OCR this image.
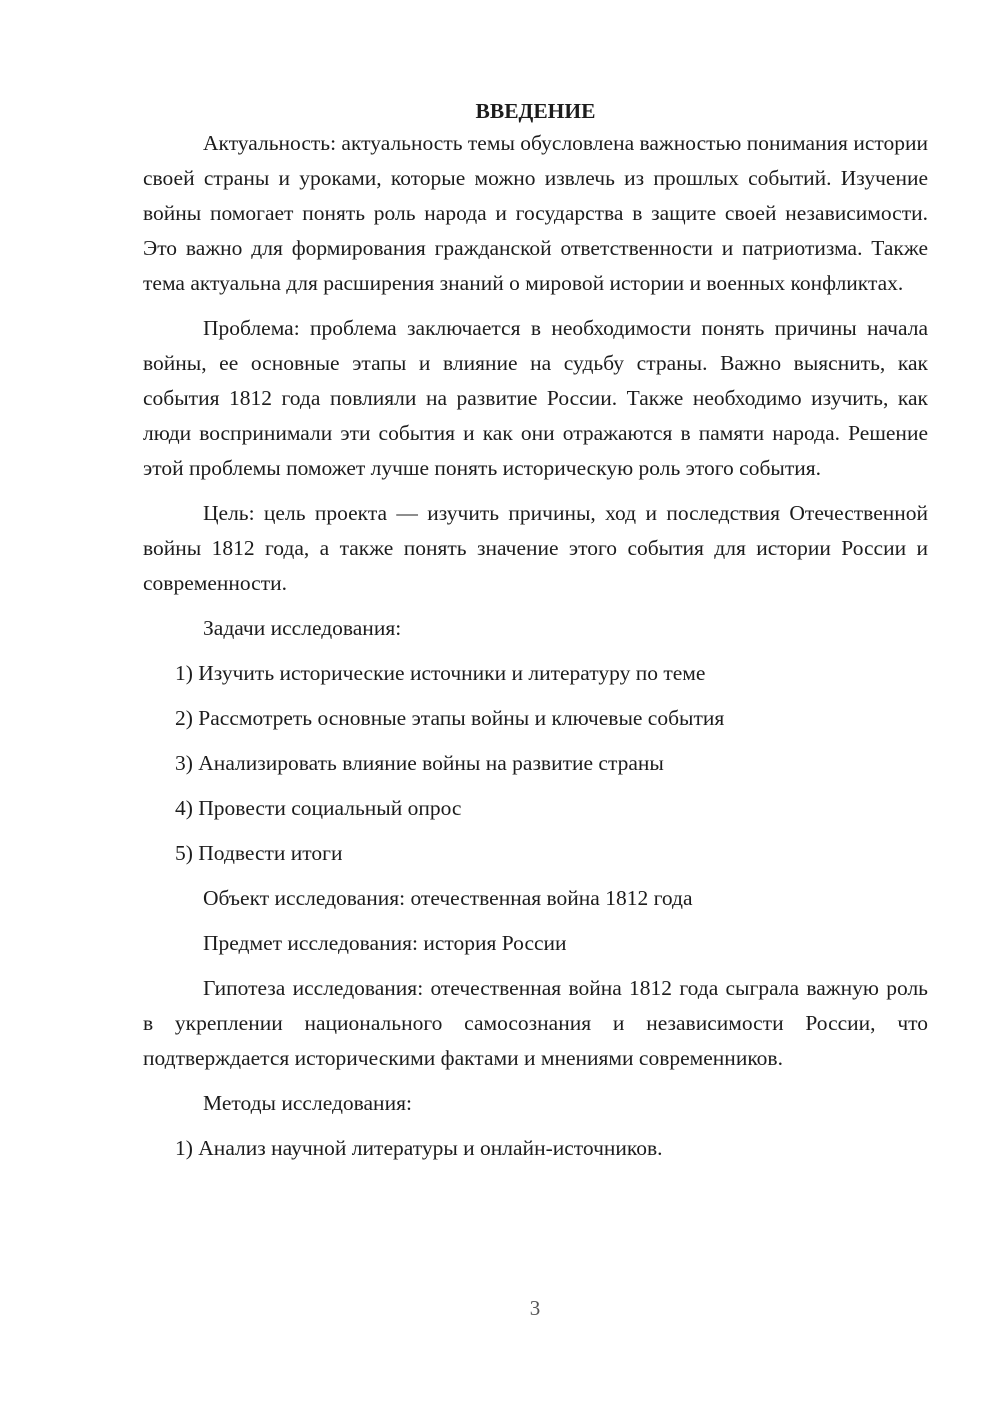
ВВЕДЕНИЕ

Актуальность: актуальность темы обусловлена важностью понимания истории своей страны и уроками, которые можно извлечь из прошлых событий. Изучение войны помогает понять роль народа и государства в защите своей независимости. Это важно для формирования гражданской ответственности и патриотизма. Также тема актуальна для расширения знаний о мировой истории и военных конфликтах.

Проблема: проблема заключается в необходимости понять причины начала войны, ее основные этапы и влияние на судьбу страны. Важно выяснить, как события 1812 года повлияли на развитие России. Также необходимо изучить, как люди воспринимали эти события и как они отражаются в памяти народа. Решение этой проблемы поможет лучше понять историческую роль этого события.

Цель: цель проекта — изучить причины, ход и последствия Отечественной войны 1812 года, а также понять значение этого события для истории России и современности.

Задачи исследования:
1) Изучить исторические источники и литературу по теме
2) Рассмотреть основные этапы войны и ключевые события
3) Анализировать влияние войны на развитие страны
4) Провести социальный опрос
5) Подвести итоги
Объект исследования: отечественная война 1812 года
Предмет исследования: история России

Гипотеза исследования: отечественная война 1812 года сыграла важную роль в укреплении национального самосознания и независимости России, что подтверждается историческими фактами и мнениями современников.

Методы исследования:
1) Анализ научной литературы и онлайн-источников.
3
